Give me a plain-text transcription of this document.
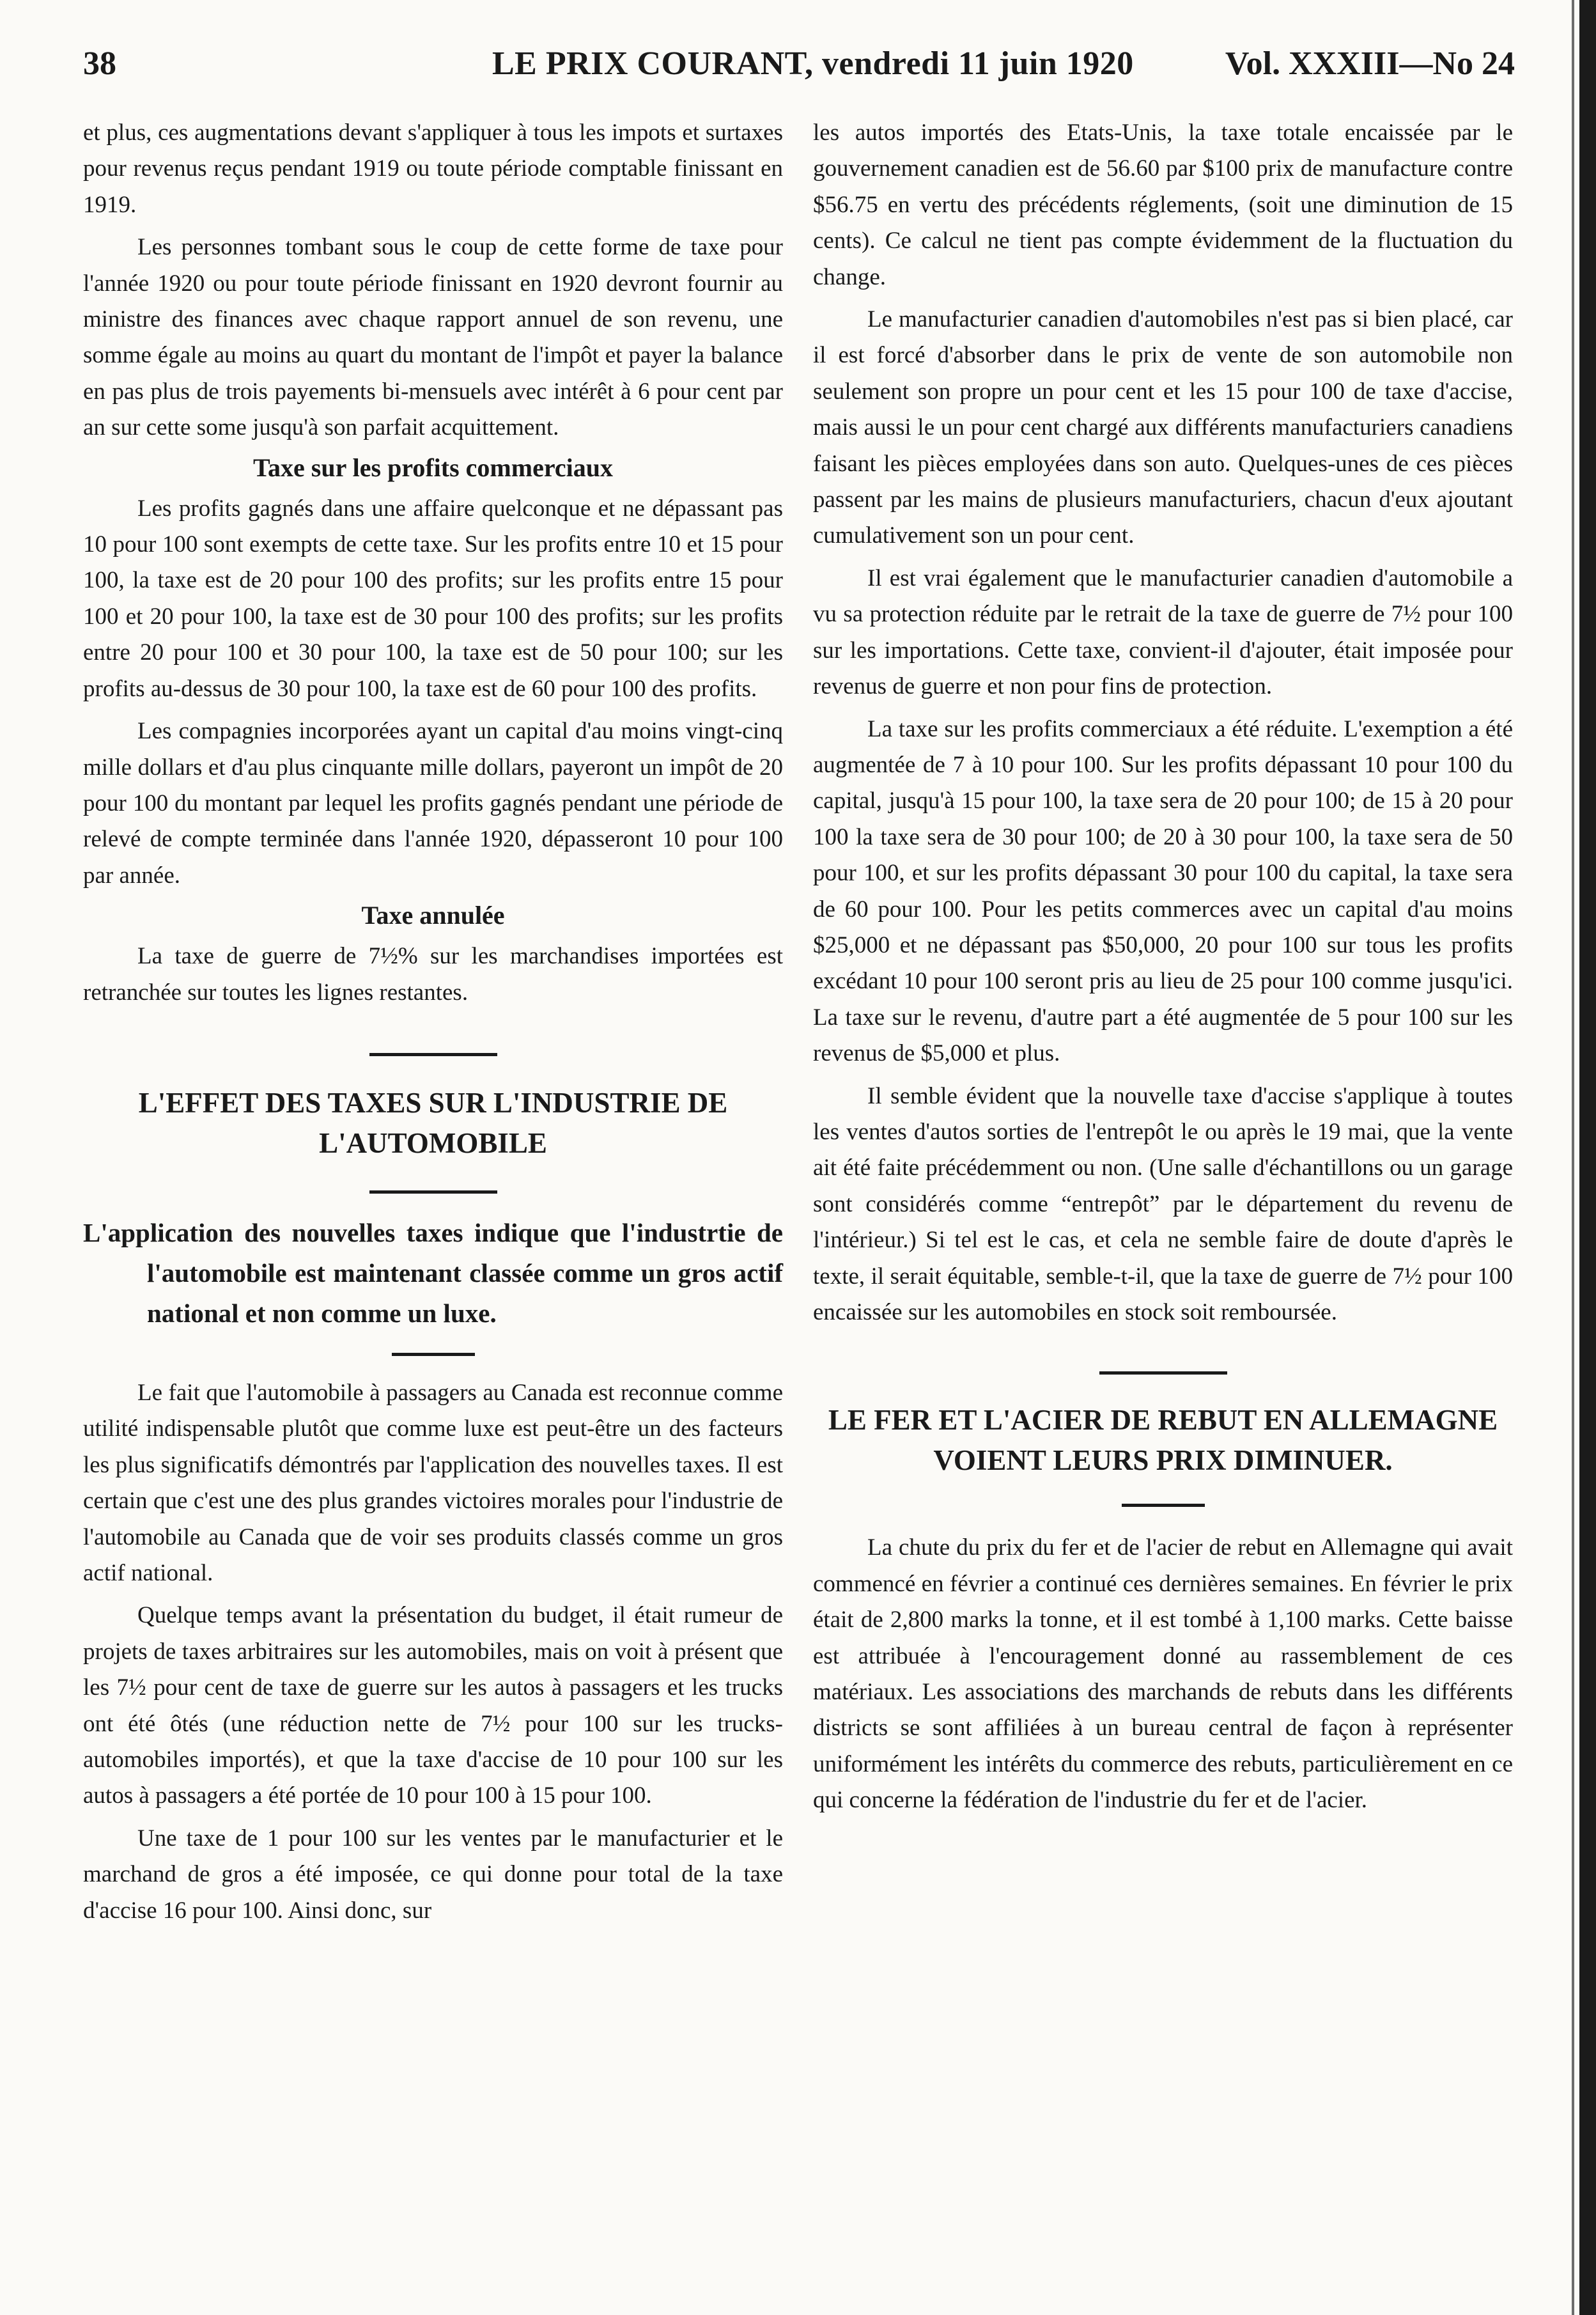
38	LE PRIX COURANT, vendredi 11 juin 1920	Vol. XXXIII—No 24

et plus, ces augmentations devant s'appliquer à tous les impots et surtaxes pour revenus reçus pendant 1919 ou toute période comptable finissant en 1919.

Les personnes tombant sous le coup de cette forme de taxe pour l'année 1920 ou pour toute période finissant en 1920 devront fournir au ministre des finances avec chaque rapport annuel de son revenu, une somme égale au moins au quart du montant de l'impôt et payer la balance en pas plus de trois payements bi-mensuels avec intérêt à 6 pour cent par an sur cette some jusqu'à son parfait acquittement.

Taxe sur les profits commerciaux

Les profits gagnés dans une affaire quelconque et ne dépassant pas 10 pour 100 sont exempts de cette taxe. Sur les profits entre 10 et 15 pour 100, la taxe est de 20 pour 100 des profits; sur les profits entre 15 pour 100 et 20 pour 100, la taxe est de 30 pour 100 des profits; sur les profits entre 20 pour 100 et 30 pour 100, la taxe est de 50 pour 100; sur les profits au-dessus de 30 pour 100, la taxe est de 60 pour 100 des profits.

Les compagnies incorporées ayant un capital d'au moins vingt-cinq mille dollars et d'au plus cinquante mille dollars, payeront un impôt de 20 pour 100 du montant par lequel les profits gagnés pendant une période de relevé de compte terminée dans l'année 1920, dépasseront 10 pour 100 par année.

Taxe annulée

La taxe de guerre de 7½% sur les marchandises importées est retranchée sur toutes les lignes restantes.

L'EFFET DES TAXES SUR L'INDUSTRIE DE L'AUTOMOBILE

L'application des nouvelles taxes indique que l'industrtie de l'automobile est maintenant classée comme un gros actif national et non comme un luxe.

Le fait que l'automobile à passagers au Canada est reconnue comme utilité indispensable plutôt que comme luxe est peut-être un des facteurs les plus significatifs démontrés par l'application des nouvelles taxes. Il est certain que c'est une des plus grandes victoires morales pour l'industrie de l'automobile au Canada que de voir ses produits classés comme un gros actif national.

Quelque temps avant la présentation du budget, il était rumeur de projets de taxes arbitraires sur les automobiles, mais on voit à présent que les 7½ pour cent de taxe de guerre sur les autos à passagers et les trucks ont été ôtés (une réduction nette de 7½ pour 100 sur les trucks-automobiles importés), et que la taxe d'accise de 10 pour 100 sur les autos à passagers a été portée de 10 pour 100 à 15 pour 100.

Une taxe de 1 pour 100 sur les ventes par le manufacturier et le marchand de gros a été imposée, ce qui donne pour total de la taxe d'accise 16 pour 100. Ainsi donc, sur

les autos importés des Etats-Unis, la taxe totale encaissée par le gouvernement canadien est de 56.60 par $100 prix de manufacture contre $56.75 en vertu des précédents réglements, (soit une diminution de 15 cents). Ce calcul ne tient pas compte évidemment de la fluctuation du change.

Le manufacturier canadien d'automobiles n'est pas si bien placé, car il est forcé d'absorber dans le prix de vente de son automobile non seulement son propre un pour cent et les 15 pour 100 de taxe d'accise, mais aussi le un pour cent chargé aux différents manufacturiers canadiens faisant les pièces employées dans son auto. Quelques-unes de ces pièces passent par les mains de plusieurs manufacturiers, chacun d'eux ajoutant cumulativement son un pour cent.

Il est vrai également que le manufacturier canadien d'automobile a vu sa protection réduite par le retrait de la taxe de guerre de 7½ pour 100 sur les importations. Cette taxe, convient-il d'ajouter, était imposée pour revenus de guerre et non pour fins de protection.

La taxe sur les profits commerciaux a été réduite. L'exemption a été augmentée de 7 à 10 pour 100. Sur les profits dépassant 10 pour 100 du capital, jusqu'à 15 pour 100, la taxe sera de 20 pour 100; de 15 à 20 pour 100 la taxe sera de 30 pour 100; de 20 à 30 pour 100, la taxe sera de 50 pour 100, et sur les profits dépassant 30 pour 100 du capital, la taxe sera de 60 pour 100. Pour les petits commerces avec un capital d'au moins $25,000 et ne dépassant pas $50,000, 20 pour 100 sur tous les profits excédant 10 pour 100 seront pris au lieu de 25 pour 100 comme jusqu'ici. La taxe sur le revenu, d'autre part a été augmentée de 5 pour 100 sur les revenus de $5,000 et plus.

Il semble évident que la nouvelle taxe d'accise s'applique à toutes les ventes d'autos sorties de l'entrepôt le ou après le 19 mai, que la vente ait été faite précédemment ou non. (Une salle d'échantillons ou un garage sont considérés comme “entrepôt” par le département du revenu de l'intérieur.) Si tel est le cas, et cela ne semble faire de doute d'après le texte, il serait équitable, semble-t-il, que la taxe de guerre de 7½ pour 100 encaissée sur les automobiles en stock soit remboursée.

LE FER ET L'ACIER DE REBUT EN ALLEMAGNE VOIENT LEURS PRIX DIMINUER.

La chute du prix du fer et de l'acier de rebut en Allemagne qui avait commencé en février a continué ces dernières semaines. En février le prix était de 2,800 marks la tonne, et il est tombé à 1,100 marks. Cette baisse est attribuée à l'encouragement donné au rassemblement de ces matériaux. Les associations des marchands de rebuts dans les différents districts se sont affiliées à un bureau central de façon à représenter uniformément les intérêts du commerce des rebuts, particulièrement en ce qui concerne la fédération de l'industrie du fer et de l'acier.
